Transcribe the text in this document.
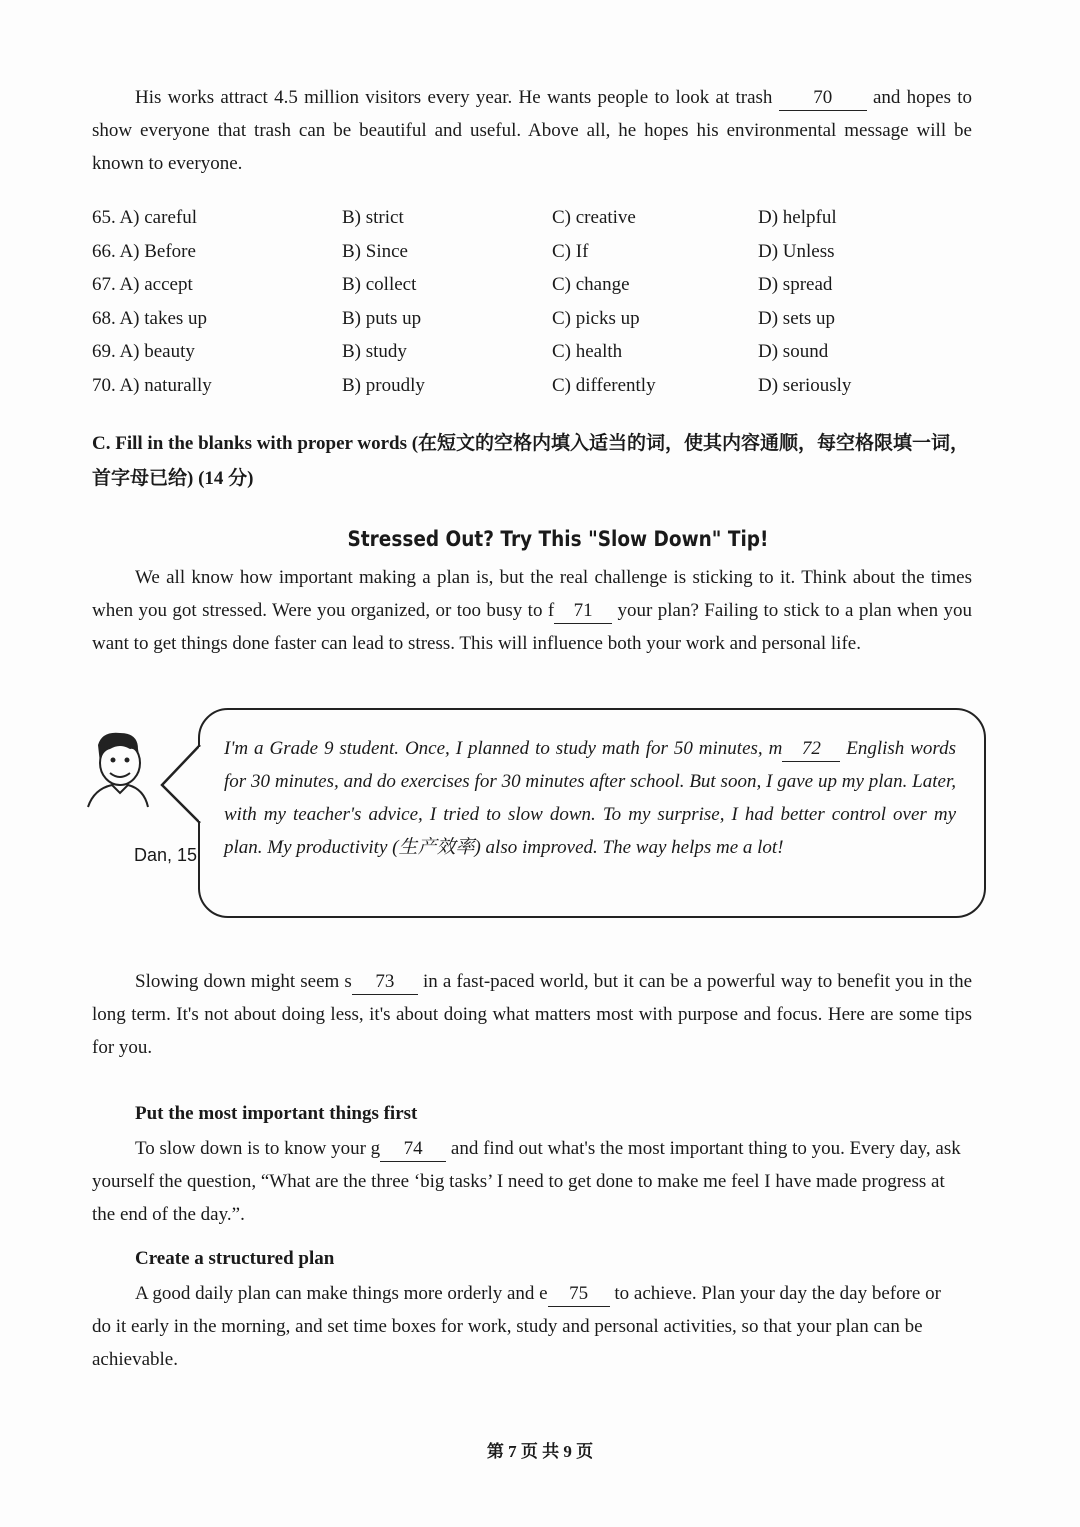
His works attract 4.5 million visitors every year. He wants people to look at trash 70 and hopes to show everyone that trash can be beautiful and useful. Above all, he hopes his environmental message will be known to everyone.
65. A) careful	B) strict	C) creative	D) helpful
66. A) Before	B) Since	C) If	D) Unless
67. A) accept	B) collect	C) change	D) spread
68. A) takes up	B) puts up	C) picks up	D) sets up
69. A) beauty	B) study	C) health	D) sound
70. A) naturally	B) proudly	C) differently	D) seriously
C. Fill in the blanks with proper words (在短文的空格内填入适当的词，使其内容通顺，每空格限填一词，首字母已给) (14 分)
Stressed Out? Try This "Slow Down" Tip!
We all know how important making a plan is, but the real challenge is sticking to it. Think about the times when you got stressed. Were you organized, or too busy to f 71 your plan? Failing to stick to a plan when you want to get things done faster can lead to stress. This will influence both your work and personal life.
Dan, 15
I'm a Grade 9 student. Once, I planned to study math for 50 minutes, m 72 English words for 30 minutes, and do exercises for 30 minutes after school. But soon, I gave up my plan. Later, with my teacher's advice, I tried to slow down. To my surprise, I had better control over my plan. My productivity (生产效率) also improved. The way helps me a lot!
Slowing down might seem s 73 in a fast-paced world, but it can be a powerful way to benefit you in the long term. It's not about doing less, it's about doing what matters most with purpose and focus. Here are some tips for you.
Put the most important things first
To slow down is to know your g 74 and find out what's the most important thing to you. Every day, ask yourself the question, “What are the three ‘big tasks’ I need to get done to make me feel I have made progress at the end of the day.”.
Create a structured plan
A good daily plan can make things more orderly and e 75 to achieve. Plan your day the day before or do it early in the morning, and set time boxes for work, study and personal activities, so that your plan can be achievable.
第 7 页 共 9 页
